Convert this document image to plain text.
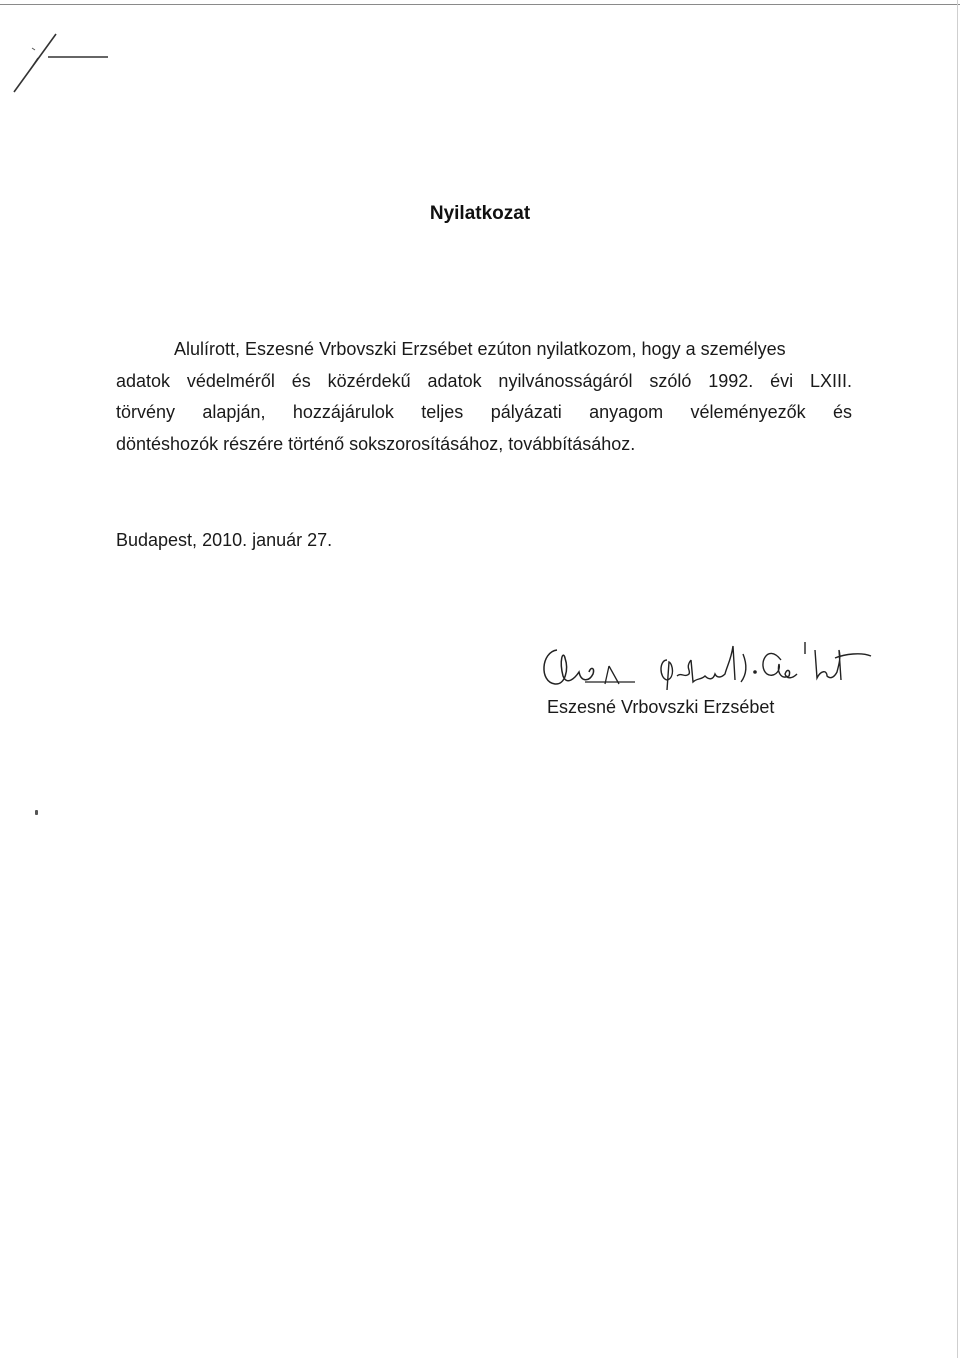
Nyilatkozat
Alulírott, Eszesné Vrbovszki Erzsébet ezúton nyilatkozom, hogy a személyes
adatok védelméről és közérdekű adatok nyilvánosságáról szóló 1992. évi LXIII.
törvény alapján, hozzájárulok teljes pályázati anyagom véleményezők és
döntéshozók részére történő sokszorosításához, továbbításához.
Budapest, 2010. január 27.
Eszesné Vrbovszki Erzsébet
